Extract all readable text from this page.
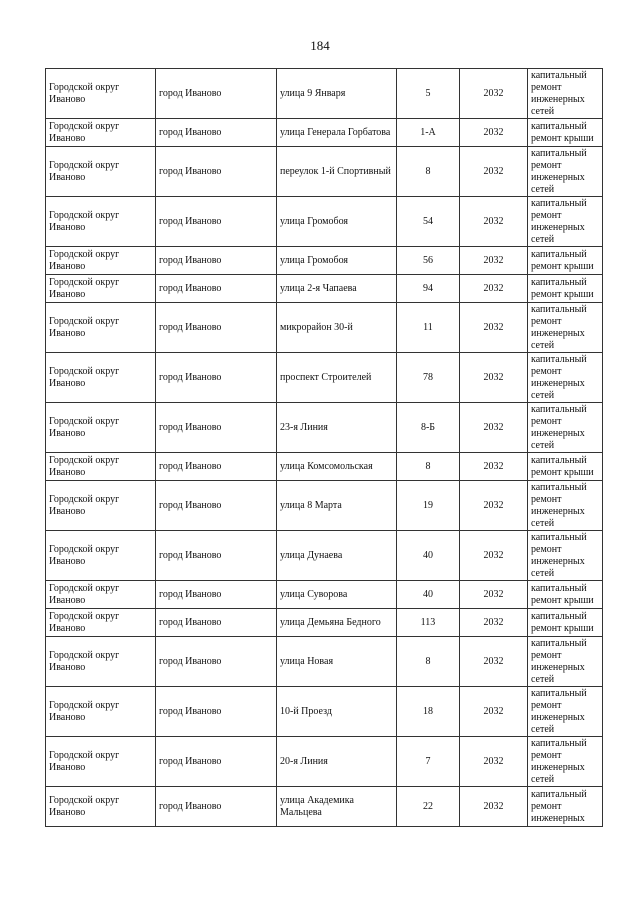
184
Городской округ Иваново	город Иваново	улица 9 Января	5	2032	капитальный ремонт инженерных сетей
Городской округ Иваново	город Иваново	улица Генерала Горбатова	1-А	2032	капитальный ремонт крыши
Городской округ Иваново	город Иваново	переулок 1-й Спортивный	8	2032	капитальный ремонт инженерных сетей
Городской округ Иваново	город Иваново	улица Громобоя	54	2032	капитальный ремонт инженерных сетей
Городской округ Иваново	город Иваново	улица Громобоя	56	2032	капитальный ремонт крыши
Городской округ Иваново	город Иваново	улица 2-я Чапаева	94	2032	капитальный ремонт крыши
Городской округ Иваново	город Иваново	микрорайон 30-й	11	2032	капитальный ремонт инженерных сетей
Городской округ Иваново	город Иваново	проспект Строителей	78	2032	капитальный ремонт инженерных сетей
Городской округ Иваново	город Иваново	23-я Линия	8-Б	2032	капитальный ремонт инженерных сетей
Городской округ Иваново	город Иваново	улица Комсомольская	8	2032	капитальный ремонт крыши
Городской округ Иваново	город Иваново	улица 8 Марта	19	2032	капитальный ремонт инженерных сетей
Городской округ Иваново	город Иваново	улица Дунаева	40	2032	капитальный ремонт инженерных сетей
Городской округ Иваново	город Иваново	улица Суворова	40	2032	капитальный ремонт крыши
Городской округ Иваново	город Иваново	улица Демьяна Бедного	113	2032	капитальный ремонт крыши
Городской округ Иваново	город Иваново	улица Новая	8	2032	капитальный ремонт инженерных сетей
Городской округ Иваново	город Иваново	10-й Проезд	18	2032	капитальный ремонт инженерных сетей
Городской округ Иваново	город Иваново	20-я Линия	7	2032	капитальный ремонт инженерных сетей
Городской округ Иваново	город Иваново	улица Академика Мальцева	22	2032	капитальный ремонт инженерных
